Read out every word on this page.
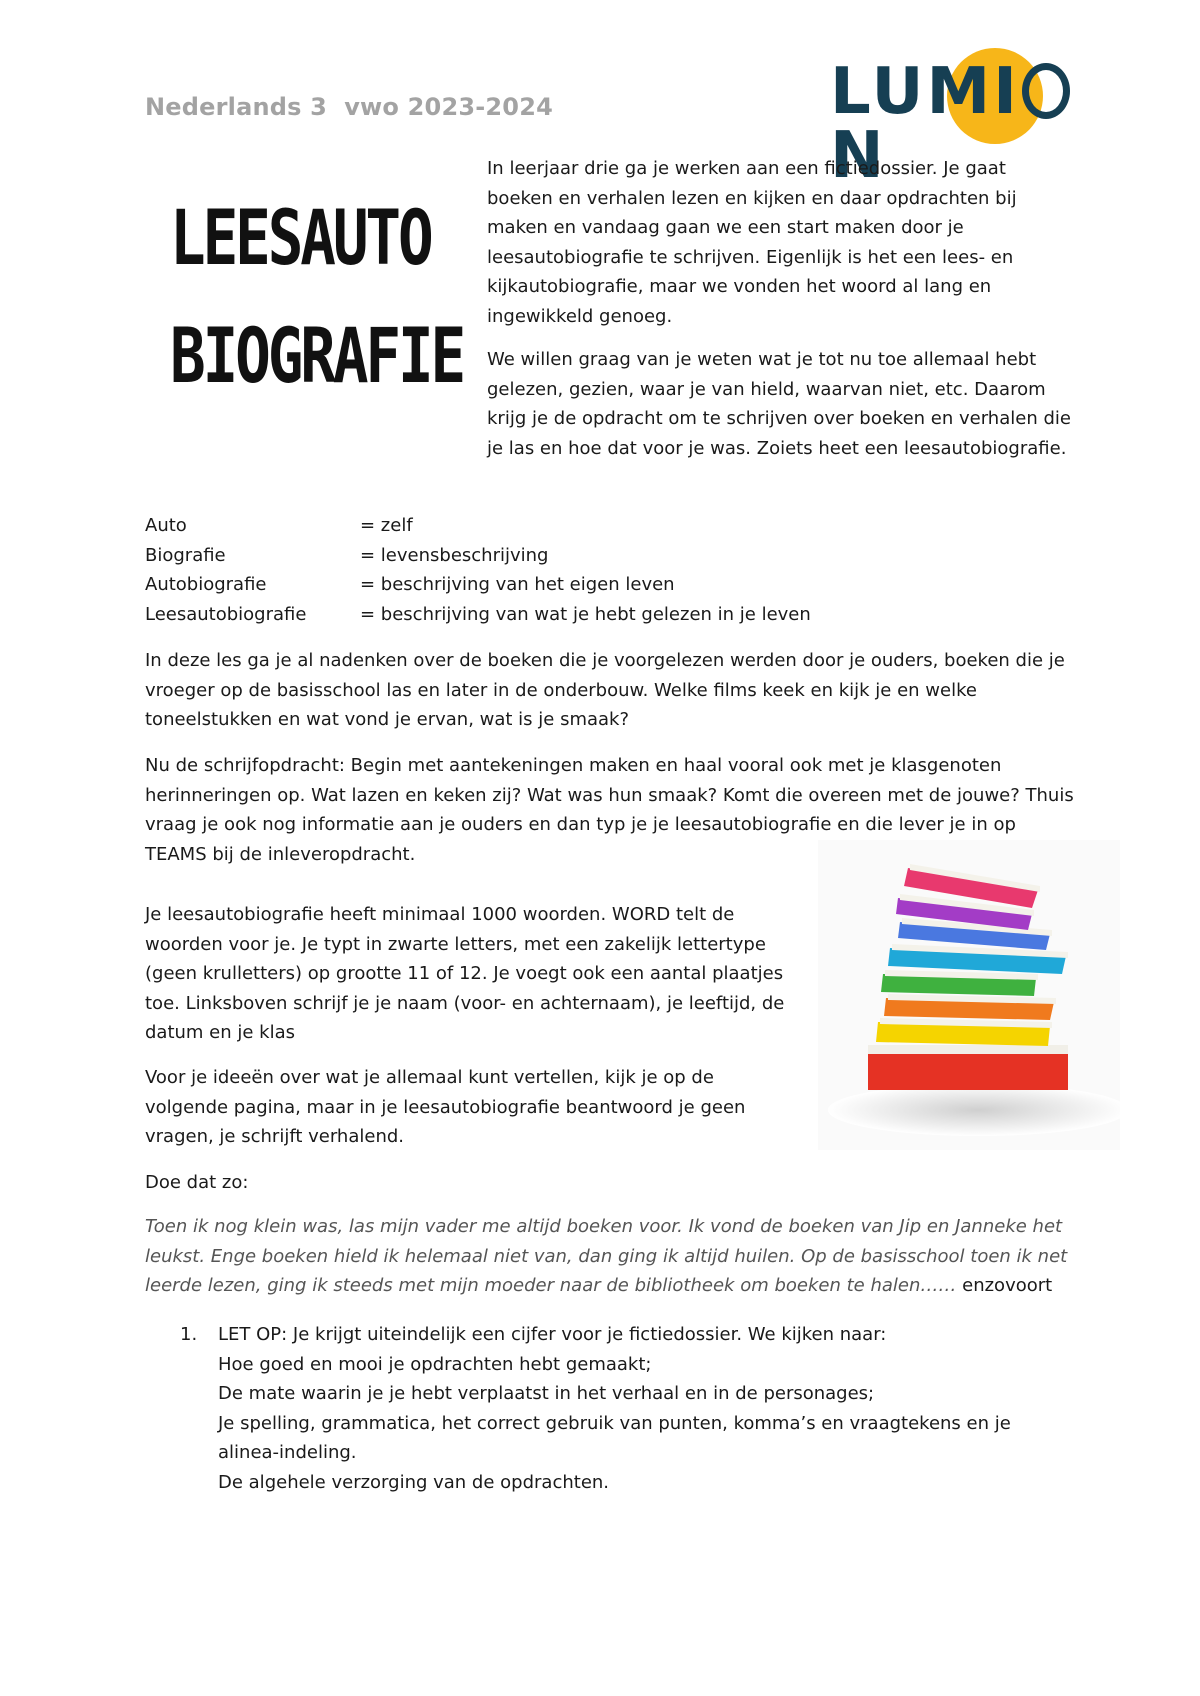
Nederlands 3  vwo 2023-2024	LUMIN
LEESAUTO
BIOGRAFIE

In leerjaar drie ga je werken aan een fictiedossier. Je gaat boeken en verhalen lezen en kijken en daar opdrachten bij maken en vandaag gaan we een start maken door je leesautobiografie te schrijven. Eigenlijk is het een lees- en kijkautobiografie, maar we vonden het woord al lang en ingewikkeld genoeg.

We willen graag van je weten wat je tot nu toe allemaal hebt gelezen, gezien, waar je van hield, waarvan niet, etc. Daarom krijg je de opdracht om te schrijven over boeken en verhalen die je las en hoe dat voor je was. Zoiets heet een leesautobiografie.

Auto	= zelf
Biografie	= levensbeschrijving
Autobiografie	= beschrijving van het eigen leven
Leesautobiografie	= beschrijving van wat je hebt gelezen in je leven

In deze les ga je al nadenken over de boeken die je voorgelezen werden door je ouders, boeken die je vroeger op de basisschool las en later in de onderbouw. Welke films keek en kijk je en welke toneelstukken en wat vond je ervan, wat is je smaak?

Nu de schrijfopdracht: Begin met aantekeningen maken en haal vooral ook met je klasgenoten herinneringen op. Wat lazen en keken zij? Wat was hun smaak? Komt die overeen met de jouwe? Thuis vraag je ook nog informatie aan je ouders en dan typ je je leesautobiografie en die lever je in op TEAMS bij de inleveropdracht.

Je leesautobiografie heeft minimaal 1000 woorden. WORD telt de woorden voor je. Je typt in zwarte letters, met een zakelijk lettertype (geen krulletters) op grootte 11 of 12. Je voegt ook een aantal plaatjes toe. Linksboven schrijf je je naam (voor- en achternaam), je leeftijd, de datum en je klas

Voor je ideeën over wat je allemaal kunt vertellen, kijk je op de volgende pagina, maar in je leesautobiografie beantwoord je geen vragen, je schrijft verhalend.

Doe dat zo:

Toen ik nog klein was, las mijn vader me altijd boeken voor. Ik vond de boeken van Jip en Janneke het leukst. Enge boeken hield ik helemaal niet van, dan ging ik altijd huilen. Op de basisschool toen ik net leerde lezen, ging ik steeds met mijn moeder naar de bibliotheek om boeken te halen…… enzovoort

1. LET OP: Je krijgt uiteindelijk een cijfer voor je fictiedossier. We kijken naar:
Hoe goed en mooi je opdrachten hebt gemaakt;
De mate waarin je je hebt verplaatst in het verhaal en in de personages;
Je spelling, grammatica, het correct gebruik van punten, komma’s en vraagtekens en je alinea-indeling.
De algehele verzorging van de opdrachten.
